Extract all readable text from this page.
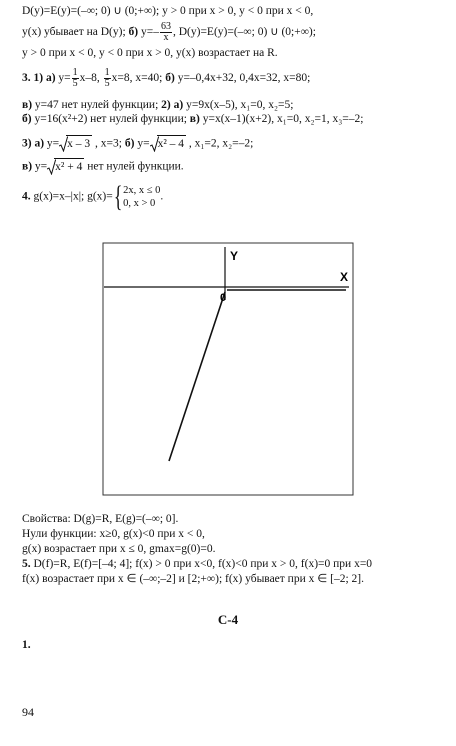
D(y)=E(y)=(–∞; 0) ∪ (0;+∞); y > 0 при x > 0, y < 0 при x < 0,
y(x) убывает на D(y); б) $y=- \frac{63}{x}$ , D(y)=E(y)=(–∞; 0) ∪ (0;+∞);
y > 0 при x < 0, y < 0 при x > 0, y(x) возрастает на R.
3. 1) а) $y= \frac{1}{5} x-8$, $\frac{1}{5} x=8$, x=40; б) y=–0,4x+32, 0,4x=32, x=80;
в) y=47 нет нулей функции; 2) а) y=9x(x–5), x₁=0, x₂=5;
б) y=16(x²+2) нет нулей функции; в) y=x(x–1)(x+2), x₁=0, x₂=1, x₃=–2;
3) а) y= x – 3 , x=3; б) y= x² – 4 , x₁=2, x₂=–2;
в) y= x² + 4 нет нулей функции.
4. g(x)=x–|x|; g(x)={ 2x, x ≤ 0
0, x > 0
.
Y
X
0
Свойства: D(g)=R, E(g)=(–∞; 0].
Нули функции: x≥0, g(x)<0 при x < 0,
g(x) возрастает при x ≤ 0, gmax=g(0)=0.
5. D(f)=R, E(f)=[–4; 4]; f(x) > 0 при x<0, f(x)<0 при x > 0, f(x)=0 при x=0
f(x) возрастает при x ∈ (–∞;–2] и [2;+∞); f(x) убывает при x ∈ [–2; 2].
С-4
1.
94
